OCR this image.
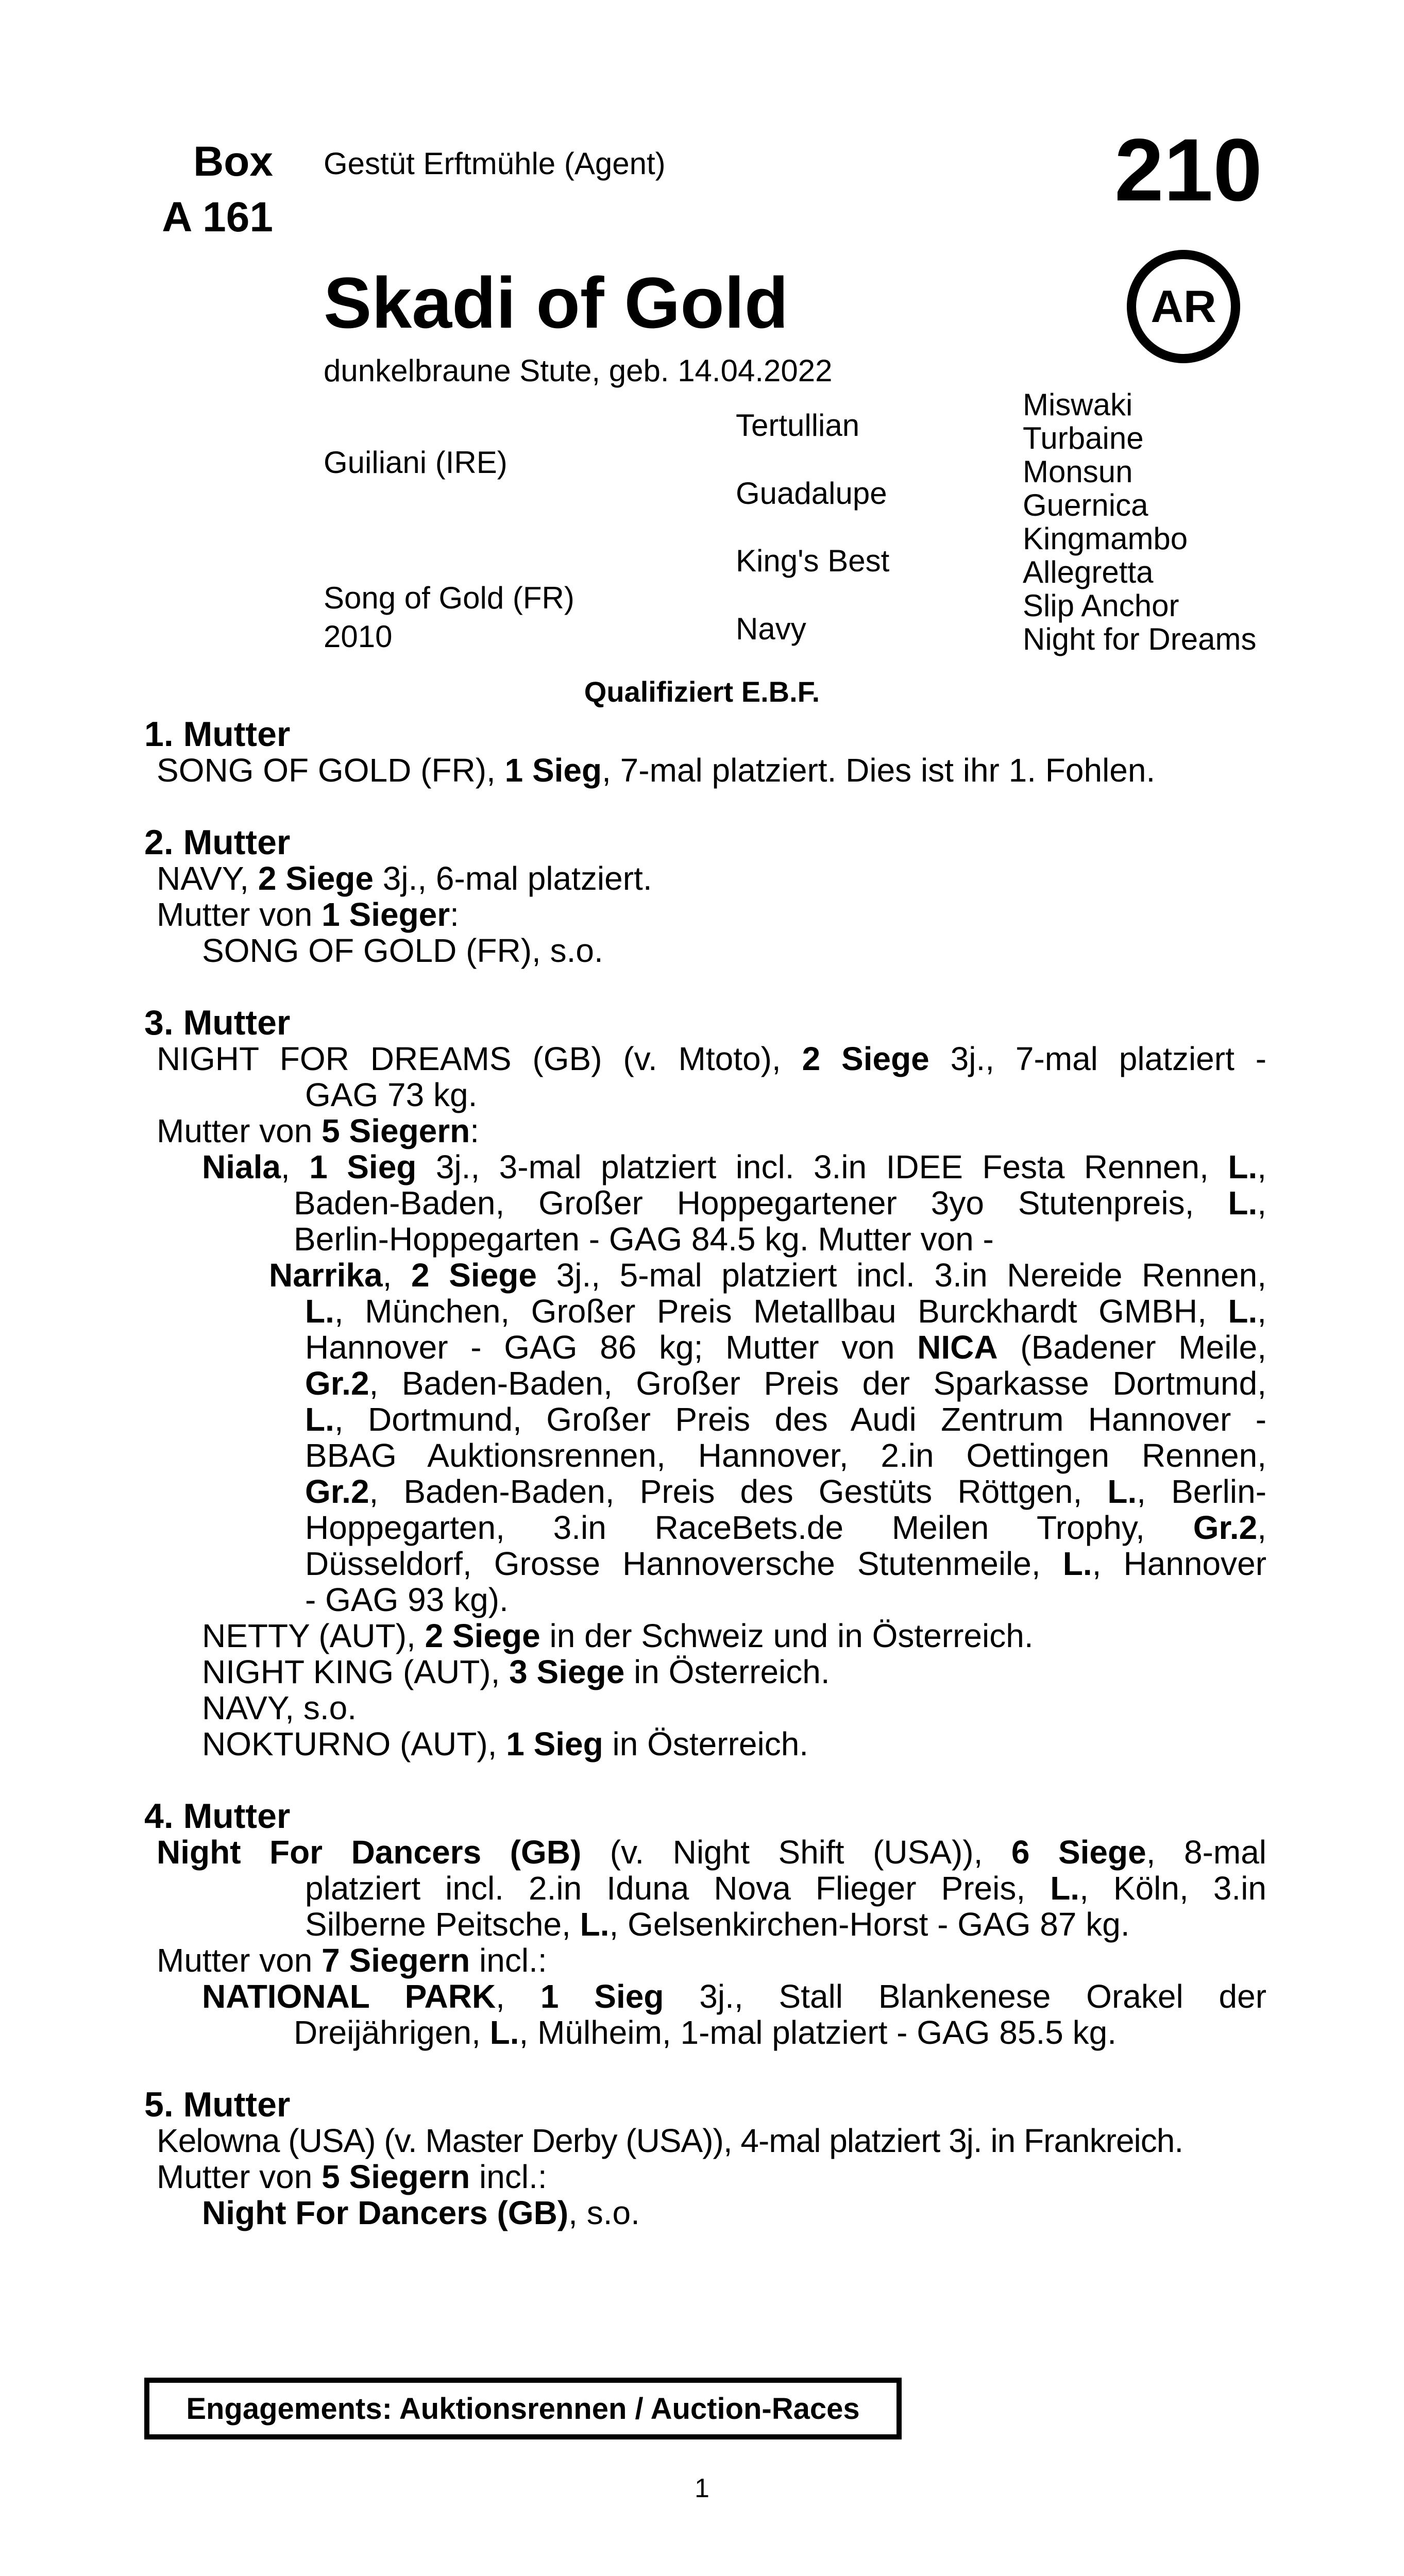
Box
A 161
Gestüt Erftmühle (Agent)	210
AR
Skadi of Gold
dunkelbraune Stute, geb. 14.04.2022
Guiliani (IRE)
Song of Gold (FR)
2010
Tertullian
Guadalupe
King's Best
Navy
Miswaki
Turbaine
Monsun
Guernica
Kingmambo
Allegretta
Slip Anchor
Night for Dreams
Qualifiziert E.B.F.

1. Mutter

SONG OF GOLD (FR), 1 Sieg, 7-mal platziert. Dies ist ihr 1. Fohlen.

2. Mutter

NAVY, 2 Siege 3j., 6-mal platziert.

Mutter von 1 Sieger:

SONG OF GOLD (FR), s.o.

3. Mutter

NIGHT FOR DREAMS (GB) (v. Mtoto), 2 Siege 3j., 7-mal platziert -

GAG 73 kg.

Mutter von 5 Siegern:

Niala, 1 Sieg 3j., 3-mal platziert incl. 3.in IDEE Festa Rennen, L.,

Baden-Baden, Großer Hoppegartener 3yo Stutenpreis, L.,

Berlin-Hoppegarten - GAG 84.5 kg. Mutter von -

Narrika, 2 Siege 3j., 5-mal platziert incl. 3.in Nereide Rennen,

L., München, Großer Preis Metallbau Burckhardt GMBH, L.,

Hannover - GAG 86 kg; Mutter von NICA (Badener Meile,

Gr.2, Baden-Baden, Großer Preis der Sparkasse Dortmund,

L., Dortmund, Großer Preis des Audi Zentrum Hannover -

BBAG Auktionsrennen, Hannover, 2.in Oettingen Rennen,

Gr.2, Baden-Baden, Preis des Gestüts Röttgen, L., Berlin-

Hoppegarten, 3.in RaceBets.de Meilen Trophy, Gr.2,

Düsseldorf, Grosse Hannoversche Stutenmeile, L., Hannover

- GAG 93 kg).

NETTY (AUT), 2 Siege in der Schweiz und in Österreich.

NIGHT KING (AUT), 3 Siege in Österreich.

NAVY, s.o.

NOKTURNO (AUT), 1 Sieg in Österreich.

4. Mutter

Night For Dancers (GB) (v. Night Shift (USA)), 6 Siege, 8-mal

platziert incl. 2.in Iduna Nova Flieger Preis, L., Köln, 3.in

Silberne Peitsche, L., Gelsenkirchen-Horst - GAG 87 kg.

Mutter von 7 Siegern incl.:

NATIONAL PARK, 1 Sieg 3j., Stall Blankenese Orakel der

Dreijährigen, L., Mülheim, 1-mal platziert - GAG 85.5 kg.

5. Mutter

Kelowna (USA) (v. Master Derby (USA)), 4-mal platziert 3j. in Frankreich.

Mutter von 5 Siegern incl.:

Night For Dancers (GB), s.o.

Engagements: Auktionsrennen / Auction-Races
1
